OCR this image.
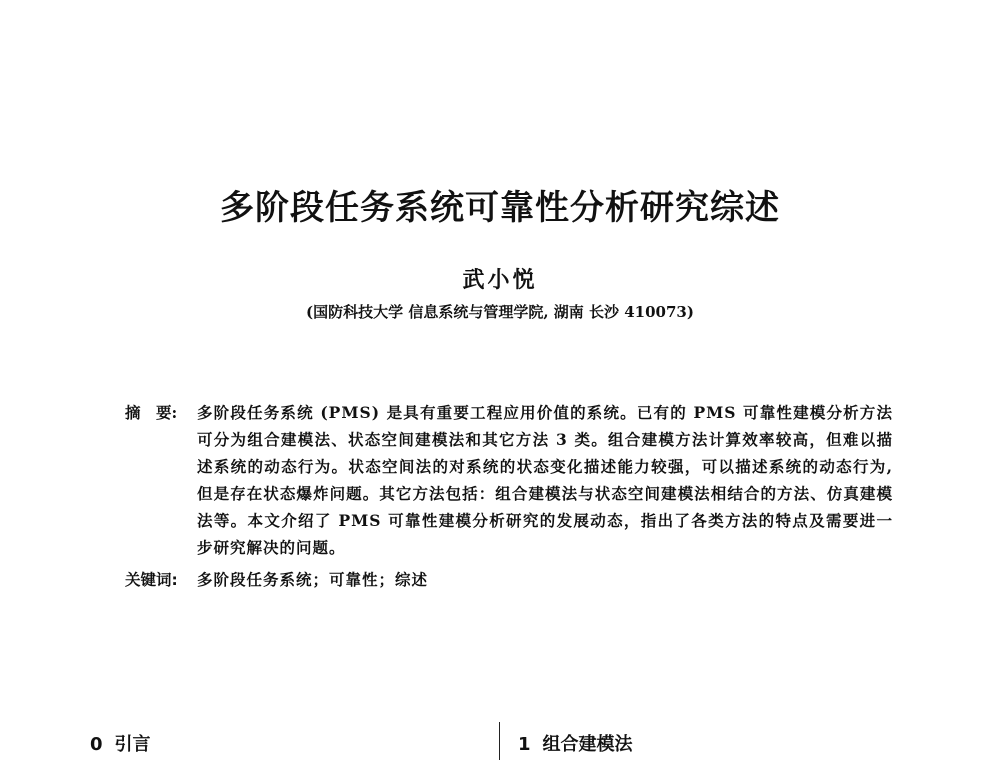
多阶段任务系统可靠性分析研究综述
武小悦
(国防科技大学 信息系统与管理学院, 湖南 长沙 410073)
摘　要:	多阶段任务系统 (PMS) 是具有重要工程应用价值的系统。已有的 PMS 可靠性建模分析方法可分为组合建模法、状态空间建模法和其它方法 3 类。组合建模方法计算效率较高，但难以描述系统的动态行为。状态空间法的对系统的状态变化描述能力较强，可以描述系统的动态行为,但是存在状态爆炸问题。其它方法包括：组合建模法与状态空间建模法相结合的方法、仿真建模法等。本文介绍了 PMS 可靠性建模分析研究的发展动态，指出了各类方法的特点及需要进一步研究解决的问题。
关键词: 多阶段任务系统；可靠性；综述
0 引言	1 组合建模法
